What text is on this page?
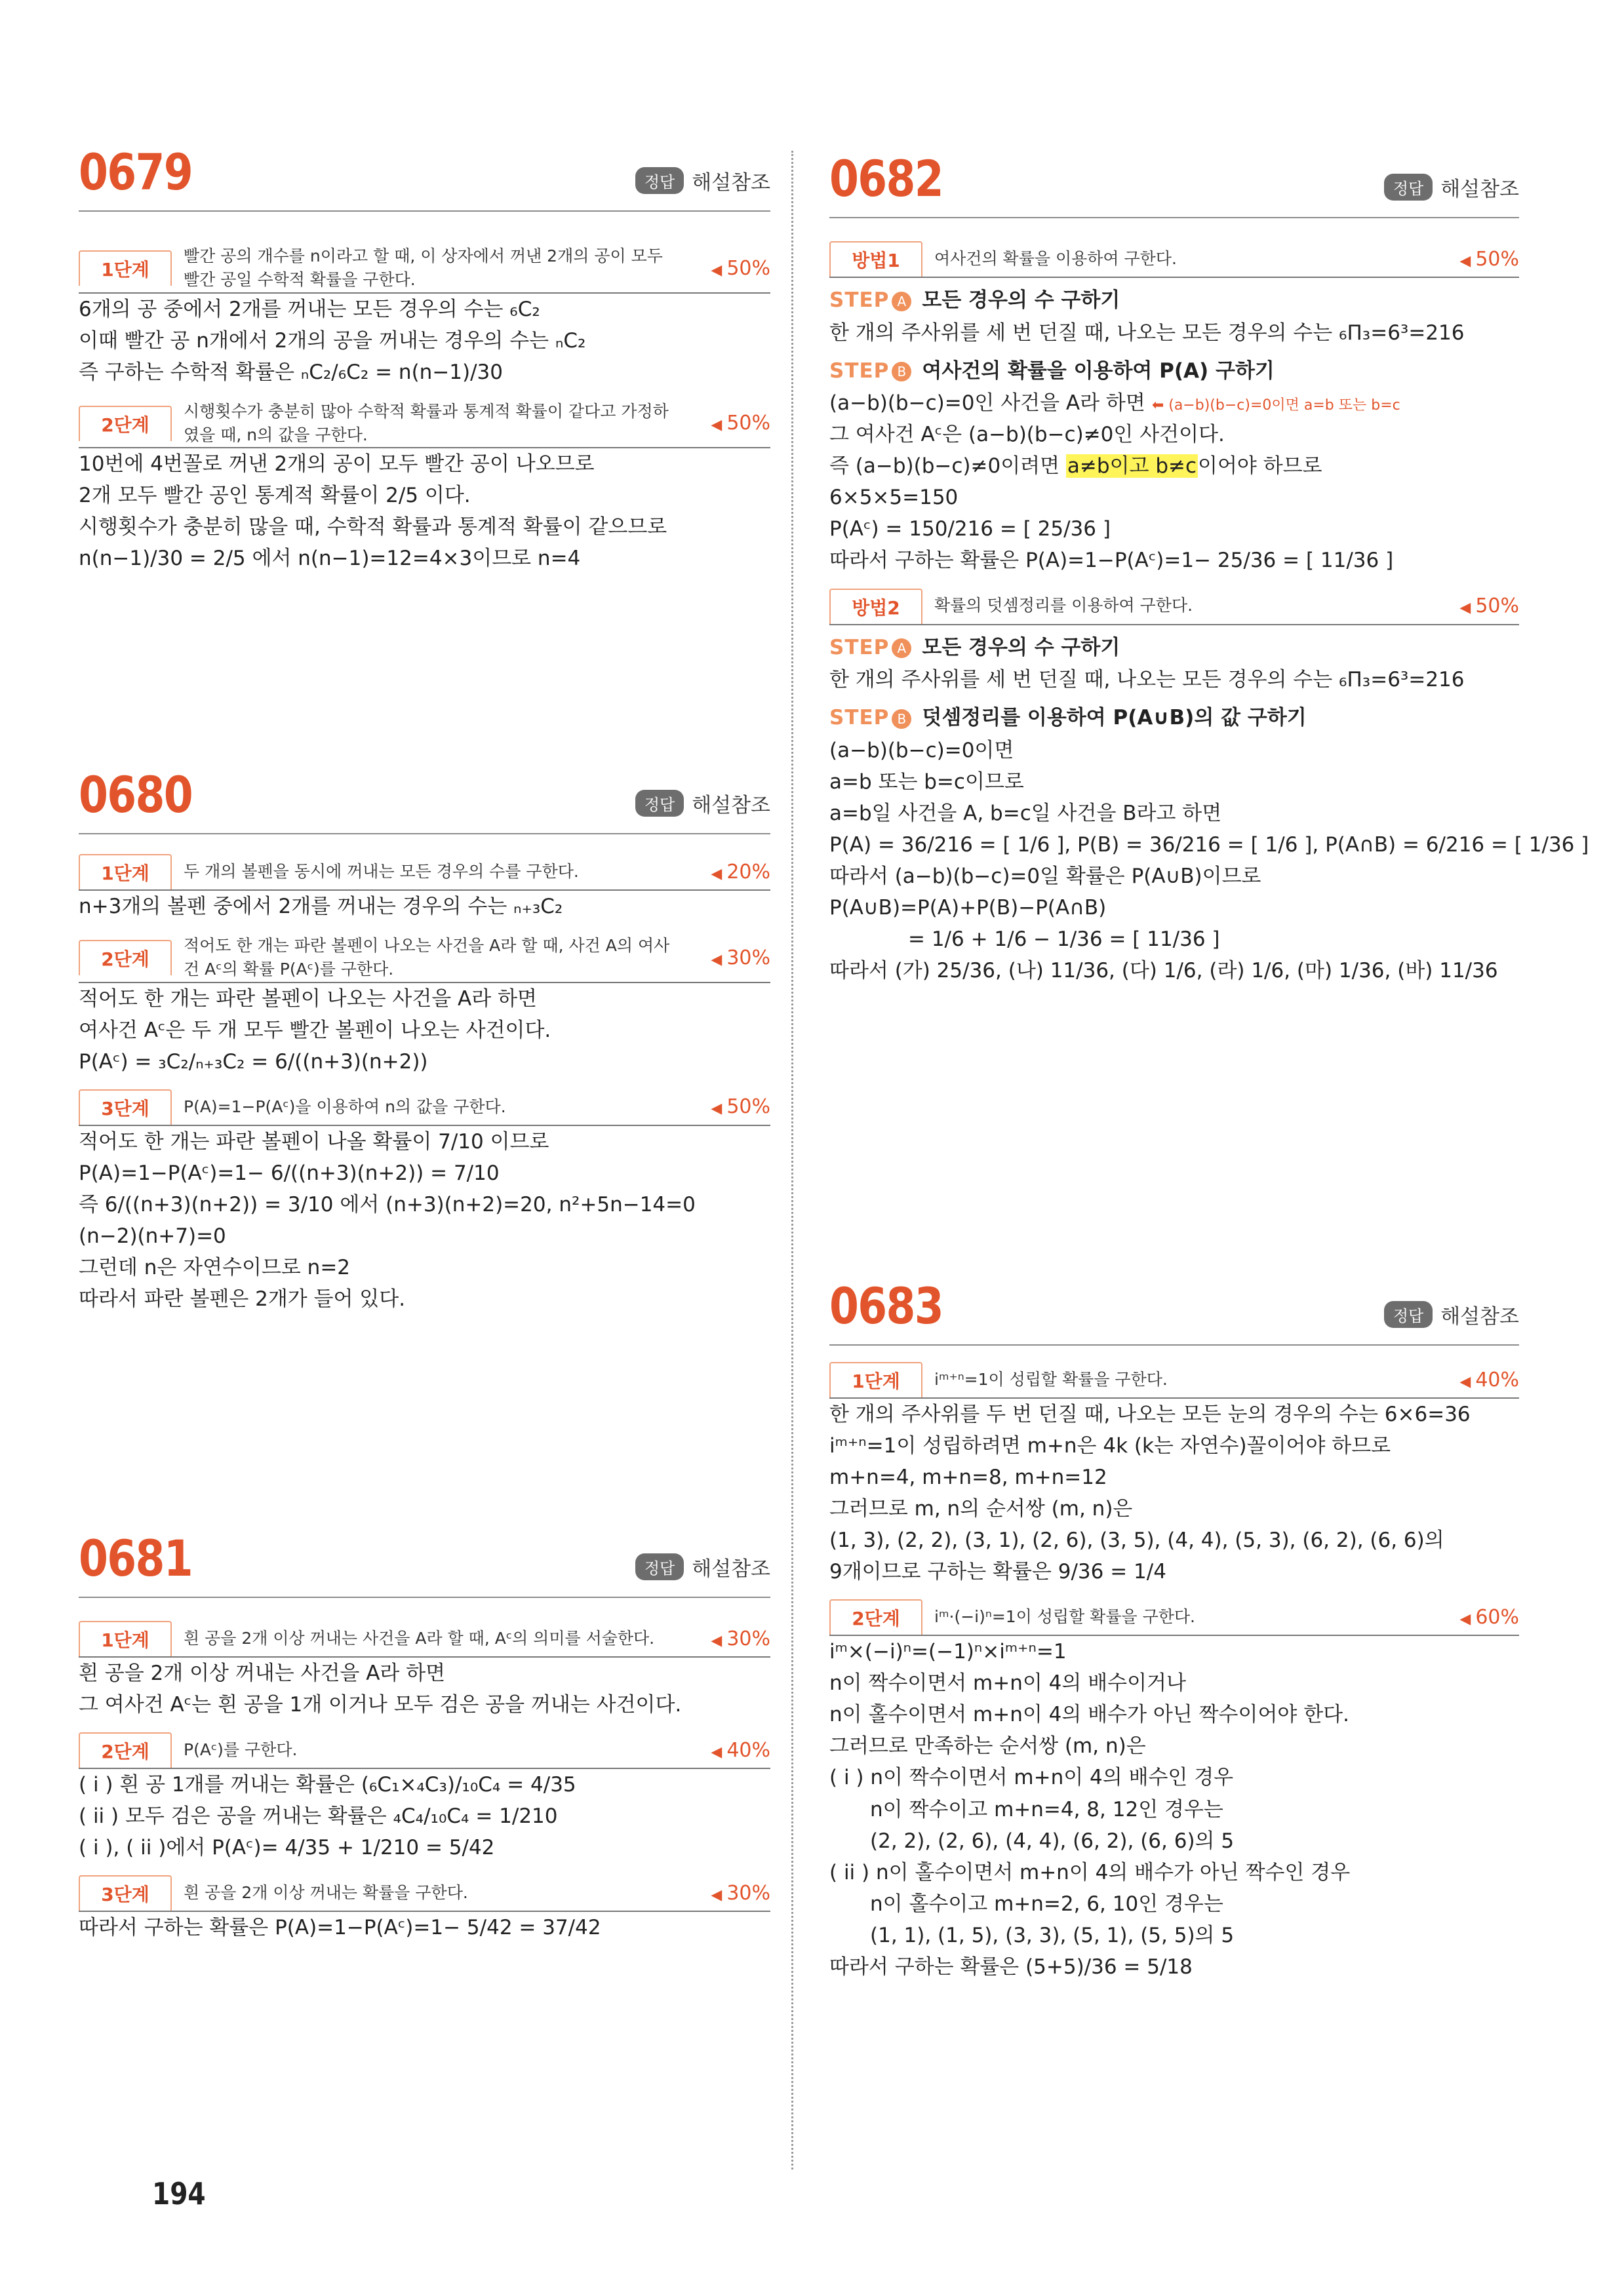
0679	정답 해설참조
1단계
빨간 공의 개수를 n이라고 할 때, 이 상자에서 꺼낸 2개의 공이 모두 빨간 공일 수학적 확률을 구한다.	◀ 50%
6개의 공 중에서 2개를 꺼내는 모든 경우의 수는 ₆C₂
이때 빨간 공 n개에서 2개의 공을 꺼내는 경우의 수는 ₙC₂
즉 구하는 수학적 확률은 ₙC₂/₆C₂ = n(n−1)/30
2단계
시행횟수가 충분히 많아 수학적 확률과 통계적 확률이 같다고 가정하였을 때, n의 값을 구한다.	◀ 50%
10번에 4번꼴로 꺼낸 2개의 공이 모두 빨간 공이 나오므로
2개 모두 빨간 공인 통계적 확률이 2/5 이다.
시행횟수가 충분히 많을 때, 수학적 확률과 통계적 확률이 같으므로
n(n−1)/30 = 2/5 에서 n(n−1)=12=4×3이므로 n=4
0680	정답 해설참조
1단계	두 개의 볼펜을 동시에 꺼내는 모든 경우의 수를 구한다.	◀ 20%
n+3개의 볼펜 중에서 2개를 꺼내는 경우의 수는 ₙ₊₃C₂
2단계
적어도 한 개는 파란 볼펜이 나오는 사건을 A라 할 때, 사건 A의 여사건 Aᶜ의 확률 P(Aᶜ)를 구한다.	◀ 30%
적어도 한 개는 파란 볼펜이 나오는 사건을 A라 하면
여사건 Aᶜ은 두 개 모두 빨간 볼펜이 나오는 사건이다.
P(Aᶜ) = ₃C₂/ₙ₊₃C₂ = 6/((n+3)(n+2))
3단계	P(A)=1−P(Aᶜ)을 이용하여 n의 값을 구한다.	◀ 50%
적어도 한 개는 파란 볼펜이 나올 확률이 7/10 이므로
P(A)=1−P(Aᶜ)=1− 6/((n+3)(n+2)) = 7/10
즉 6/((n+3)(n+2)) = 3/10 에서 (n+3)(n+2)=20, n²+5n−14=0
(n−2)(n+7)=0
그런데 n은 자연수이므로 n=2
따라서 파란 볼펜은 2개가 들어 있다.
0681	정답 해설참조
1단계	흰 공을 2개 이상 꺼내는 사건을 A라 할 때, Aᶜ의 의미를 서술한다.	◀ 30%
흰 공을 2개 이상 꺼내는 사건을 A라 하면
그 여사건 Aᶜ는 흰 공을 1개 이거나 모두 검은 공을 꺼내는 사건이다.
2단계	P(Aᶜ)를 구한다.	◀ 40%
( i ) 흰 공 1개를 꺼내는 확률은 (₆C₁×₄C₃)/₁₀C₄ = 4/35
( ii ) 모두 검은 공을 꺼내는 확률은 ₄C₄/₁₀C₄ = 1/210
( i ), ( ii )에서 P(Aᶜ)= 4/35 + 1/210 = 5/42
3단계	흰 공을 2개 이상 꺼내는 확률을 구한다.	◀ 30%
따라서 구하는 확률은 P(A)=1−P(Aᶜ)=1− 5/42 = 37/42
194
0682	정답 해설참조
방법1	여사건의 확률을 이용하여 구한다.	◀ 50%
STEP A 모든 경우의 수 구하기
한 개의 주사위를 세 번 던질 때, 나오는 모든 경우의 수는 ₆Π₃=6³=216
STEP B 여사건의 확률을 이용하여 P(A) 구하기
(a−b)(b−c)=0인 사건을 A라 하면 ⬅ (a−b)(b−c)=0이면 a=b 또는 b=c
그 여사건 Aᶜ은 (a−b)(b−c)≠0인 사건이다.
즉 (a−b)(b−c)≠0이려면 a≠b이고 b≠c이어야 하므로
6×5×5=150
P(Aᶜ) = 150/216 = [ 25/36 ]
따라서 구하는 확률은 P(A)=1−P(Aᶜ)=1− 25/36 = [ 11/36 ]
방법2	확률의 덧셈정리를 이용하여 구한다.	◀ 50%
STEP A 모든 경우의 수 구하기
한 개의 주사위를 세 번 던질 때, 나오는 모든 경우의 수는 ₆Π₃=6³=216
STEP B 덧셈정리를 이용하여 P(A∪B)의 값 구하기
(a−b)(b−c)=0이면
a=b 또는 b=c이므로
a=b일 사건을 A, b=c일 사건을 B라고 하면
P(A) = 36/216 = [ 1/6 ], P(B) = 36/216 = [ 1/6 ], P(A∩B) = 6/216 = [ 1/36 ]
따라서 (a−b)(b−c)=0일 확률은 P(A∪B)이므로
P(A∪B)=P(A)+P(B)−P(A∩B)
= 1/6 + 1/6 − 1/36 = [ 11/36 ]
따라서 (가) 25/36, (나) 11/36, (다) 1/6, (라) 1/6, (마) 1/36, (바) 11/36
0683	정답 해설참조
1단계	iᵐ⁺ⁿ=1이 성립할 확률을 구한다.	◀ 40%
한 개의 주사위를 두 번 던질 때, 나오는 모든 눈의 경우의 수는 6×6=36
iᵐ⁺ⁿ=1이 성립하려면 m+n은 4k (k는 자연수)꼴이어야 하므로
m+n=4, m+n=8, m+n=12
그러므로 m, n의 순서쌍 (m, n)은
(1, 3), (2, 2), (3, 1), (2, 6), (3, 5), (4, 4), (5, 3), (6, 2), (6, 6)의
9개이므로 구하는 확률은 9/36 = 1/4
2단계	iᵐ·(−i)ⁿ=1이 성립할 확률을 구한다.	◀ 60%
iᵐ×(−i)ⁿ=(−1)ⁿ×iᵐ⁺ⁿ=1
n이 짝수이면서 m+n이 4의 배수이거나
n이 홀수이면서 m+n이 4의 배수가 아닌 짝수이어야 한다.
그러므로 만족하는 순서쌍 (m, n)은
( i ) n이 짝수이면서 m+n이 4의 배수인 경우
n이 짝수이고 m+n=4, 8, 12인 경우는
(2, 2), (2, 6), (4, 4), (6, 2), (6, 6)의 5
( ii ) n이 홀수이면서 m+n이 4의 배수가 아닌 짝수인 경우
n이 홀수이고 m+n=2, 6, 10인 경우는
(1, 1), (1, 5), (3, 3), (5, 1), (5, 5)의 5
따라서 구하는 확률은 (5+5)/36 = 5/18
